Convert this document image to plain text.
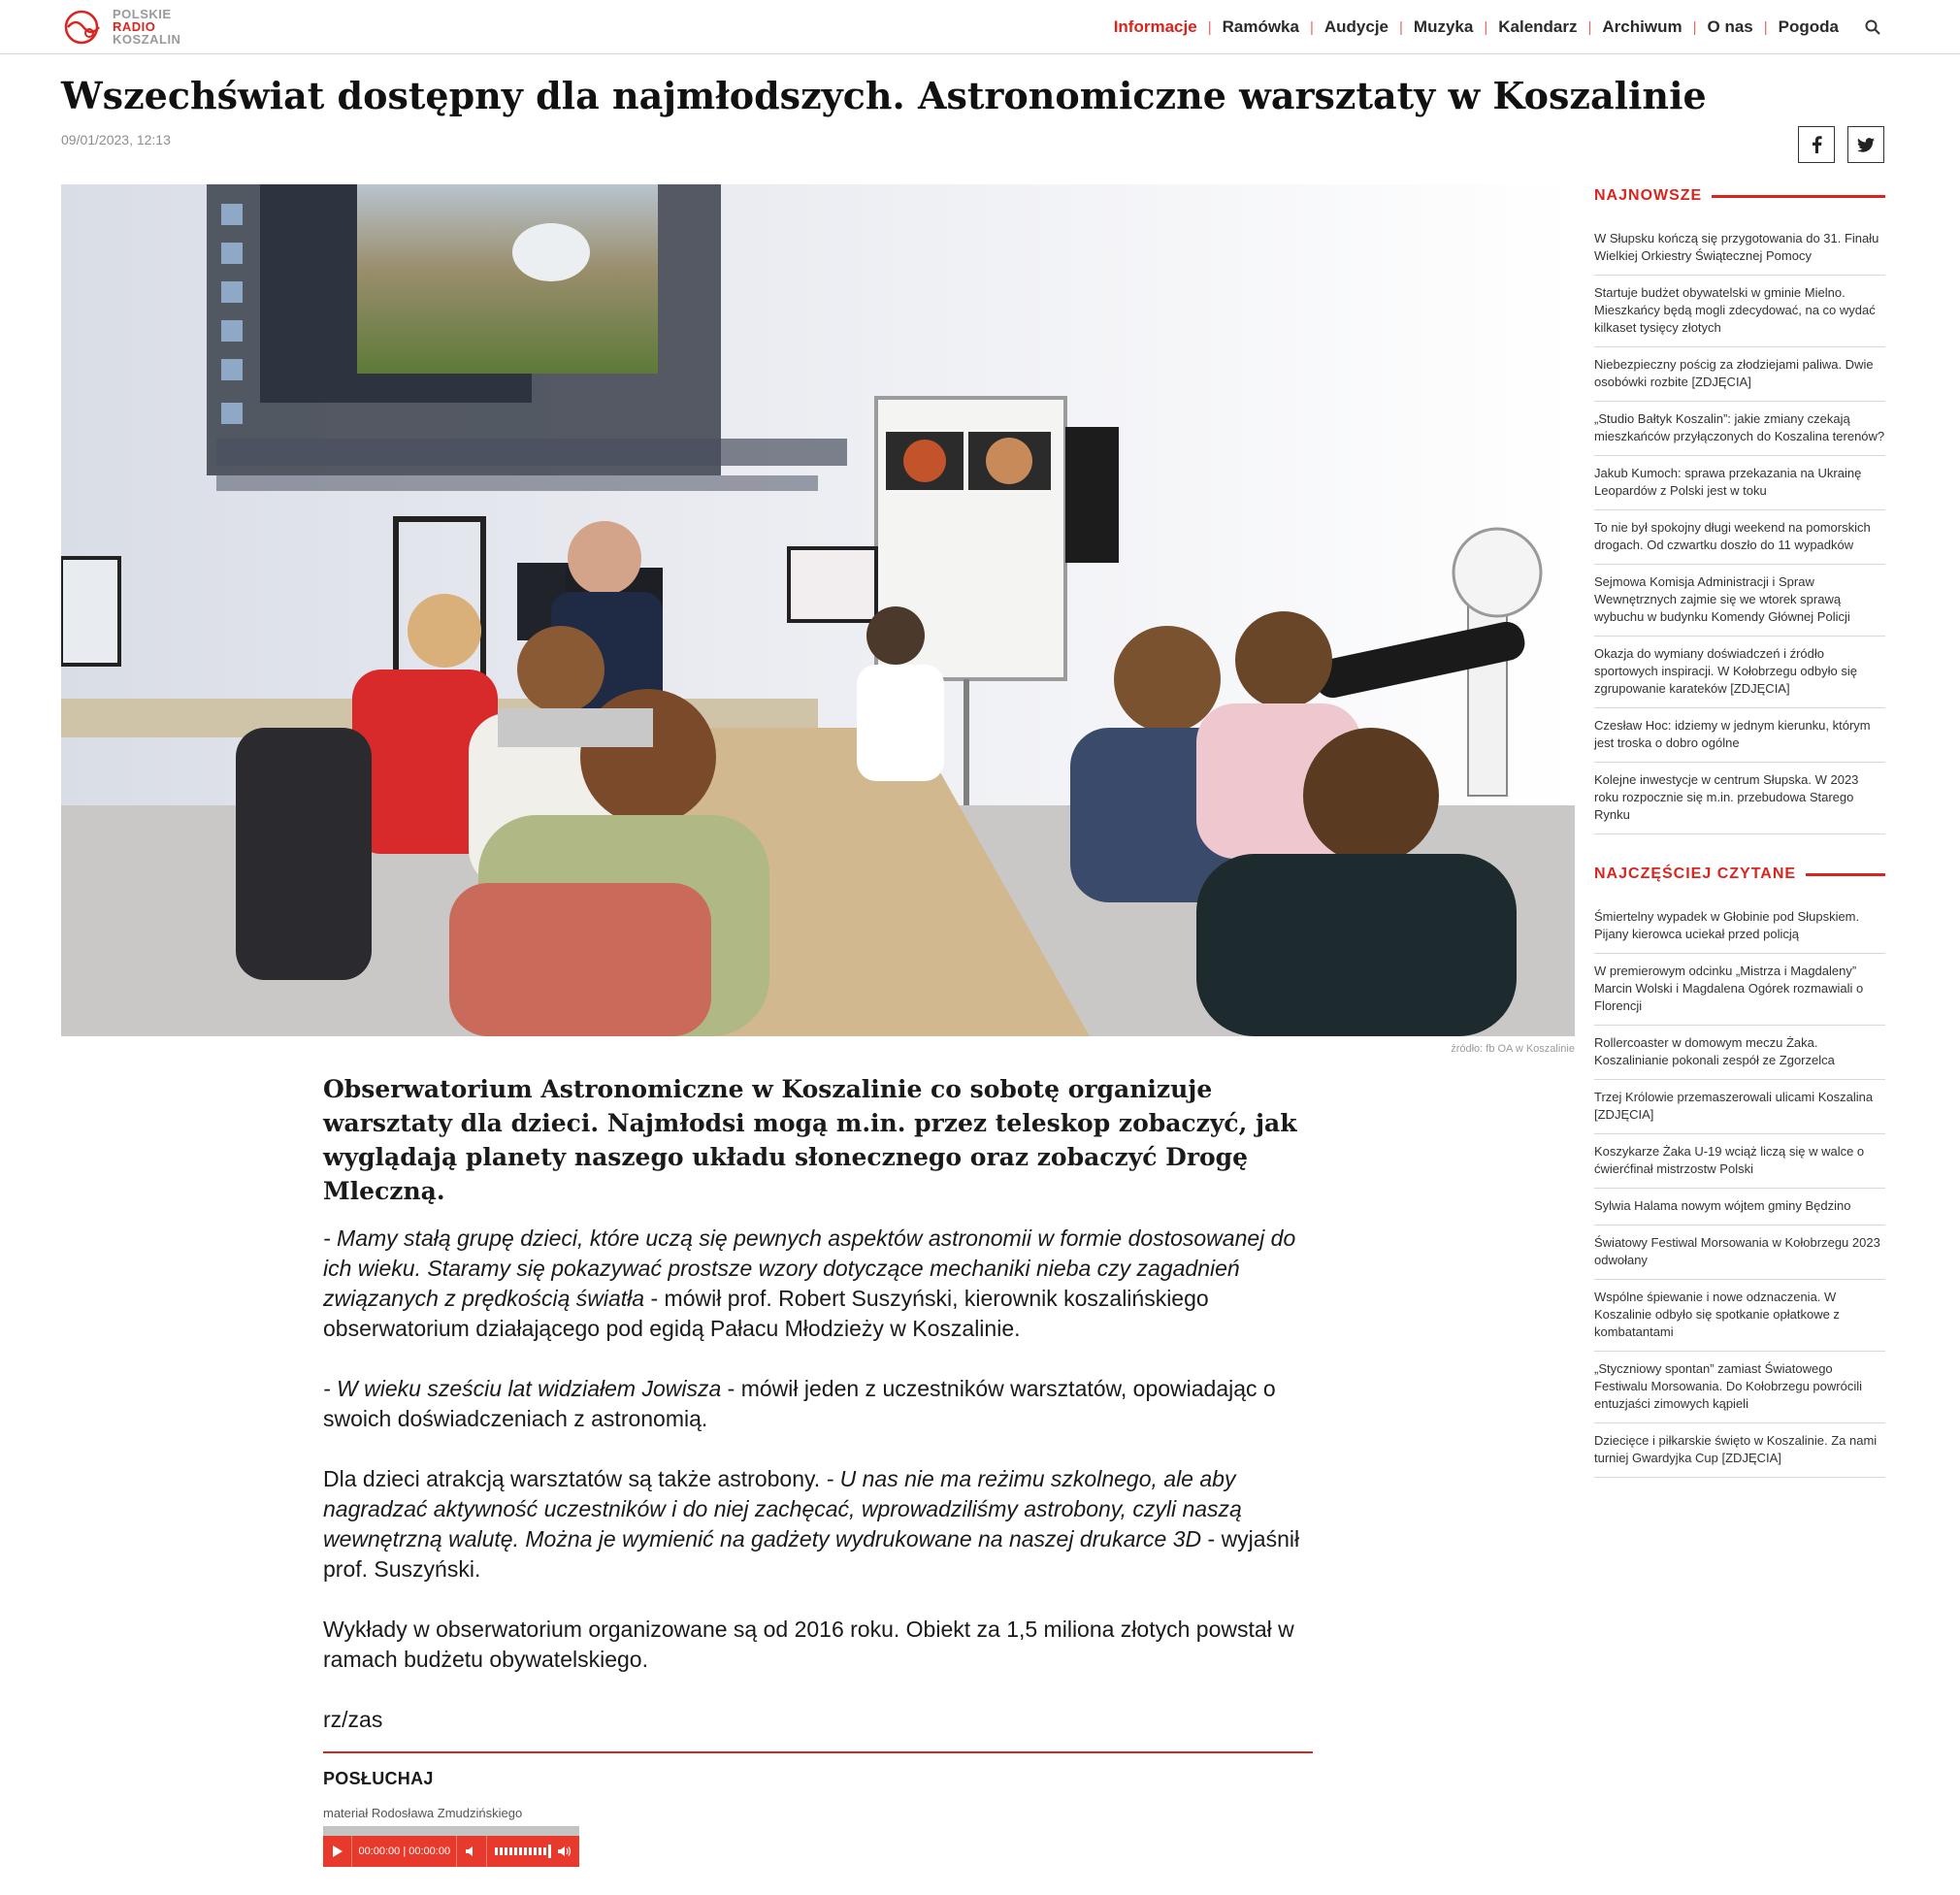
POLSKIE
RADIO
KOSZALIN
Informacje | Ramówka | Audycje | Muzyka | Kalendarz | Archiwum | O nas | Pogoda
Wszechświat dostępny dla najmłodszych. Astronomiczne warsztaty w Koszalinie
09/01/2023, 12:13
źródło: fb OA w Koszalinie

Obserwatorium Astronomiczne w Koszalinie co sobotę organizuje warsztaty dla dzieci. Najmłodsi mogą m.in. przez teleskop zobaczyć, jak wyglądają planety naszego układu słonecznego oraz zobaczyć Drogę Mleczną.

- Mamy stałą grupę dzieci, które uczą się pewnych aspektów astronomii w formie dostosowanej do ich wieku. Staramy się pokazywać prostsze wzory dotyczące mechaniki nieba czy zagadnień związanych z prędkością światła - mówił prof. Robert Suszyński, kierownik koszalińskiego obserwatorium działającego pod egidą Pałacu Młodzieży w Koszalinie.

- W wieku sześciu lat widziałem Jowisza - mówił jeden z uczestników warsztatów, opowiadając o swoich doświadczeniach z astronomią.

Dla dzieci atrakcją warsztatów są także astrobony. - U nas nie ma reżimu szkolnego, ale aby nagradzać aktywność uczestników i do niej zachęcać, wprowadziliśmy astrobony, czyli naszą wewnętrzną walutę. Można je wymienić na gadżety wydrukowane na naszej drukarce 3D - wyjaśnił prof. Suszyński.

Wykłady w obserwatorium organizowane są od 2016 roku. Obiekt za 1,5 miliona złotych powstał w ramach budżetu obywatelskiego.

rz/zas

POSŁUCHAJ
materiał Rodosława Zmudzińskiego
00:00:00 | 00:00:00
NAJNOWSZE
W Słupsku kończą się przygotowania do 31. Finału Wielkiej Orkiestry Świątecznej Pomocy
Startuje budżet obywatelski w gminie Mielno. Mieszkańcy będą mogli zdecydować, na co wydać kilkaset tysięcy złotych
Niebezpieczny pościg za złodziejami paliwa. Dwie osobówki rozbite [ZDJĘCIA]
„Studio Bałtyk Koszalin”: jakie zmiany czekają mieszkańców przyłączonych do Koszalina terenów?
Jakub Kumoch: sprawa przekazania na Ukrainę Leopardów z Polski jest w toku
To nie był spokojny długi weekend na pomorskich drogach. Od czwartku doszło do 11 wypadków
Sejmowa Komisja Administracji i Spraw Wewnętrznych zajmie się we wtorek sprawą wybuchu w budynku Komendy Głównej Policji
Okazja do wymiany doświadczeń i źródło sportowych inspiracji. W Kołobrzegu odbyło się zgrupowanie karateków [ZDJĘCIA]
Czesław Hoc: idziemy w jednym kierunku, którym jest troska o dobro ogólne
Kolejne inwestycje w centrum Słupska. W 2023 roku rozpocznie się m.in. przebudowa Starego Rynku
NAJCZĘŚCIEJ CZYTANE
Śmiertelny wypadek w Głobinie pod Słupskiem. Pijany kierowca uciekał przed policją
W premierowym odcinku „Mistrza i Magdaleny” Marcin Wolski i Magdalena Ogórek rozmawiali o Florencji
Rollercoaster w domowym meczu Żaka. Koszalinianie pokonali zespół ze Zgorzelca
Trzej Królowie przemaszerowali ulicami Koszalina [ZDJĘCIA]
Koszykarze Żaka U-19 wciąż liczą się w walce o ćwierćfinał mistrzostw Polski
Sylwia Halama nowym wójtem gminy Będzino
Światowy Festiwal Morsowania w Kołobrzegu 2023 odwołany
Wspólne śpiewanie i nowe odznaczenia. W Koszalinie odbyło się spotkanie opłatkowe z kombatantami
„Styczniowy spontan” zamiast Światowego Festiwalu Morsowania. Do Kołobrzegu powrócili entuzjaści zimowych kąpieli
Dziecięce i piłkarskie święto w Koszalinie. Za nami turniej Gwardyjka Cup [ZDJĘCIA]
